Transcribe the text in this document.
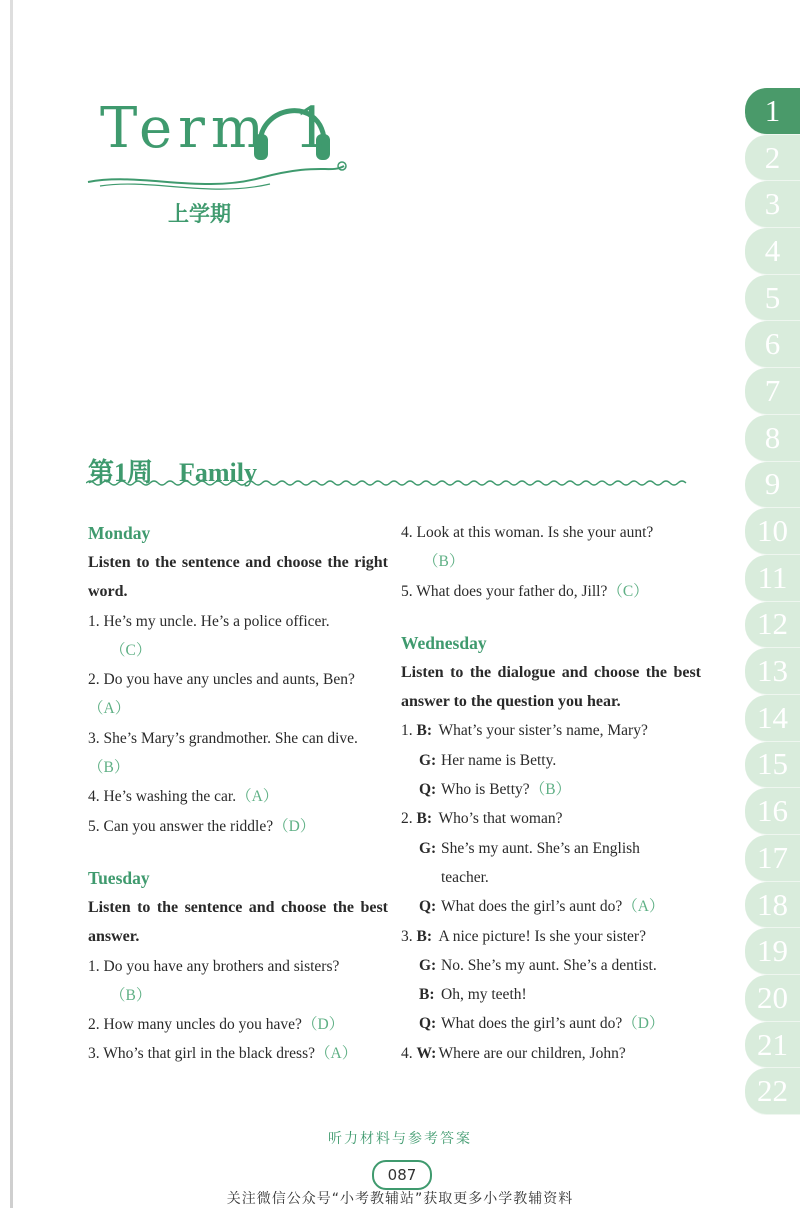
Term 1
上学期
1
2
3
4
5
6
7
8
9
10
11
12
13
14
15
16
17
18
19
20
21
22
第1周　Family
Monday
Listen to the sentence and choose the right word.
1. He’s my uncle. He’s a police officer.
（C）
2. Do you have any uncles and aunts, Ben?（A）
3. She’s Mary’s grandmother. She can dive.（B）
4. He’s washing the car.（A）
5. Can you answer the riddle?（D）
Tuesday
Listen to the sentence and choose the best answer.
1. Do you have any brothers and sisters?
（B）
2. How many uncles do you have?（D）
3. Who’s that girl in the black dress?（A）
4. Look at this woman. Is she your aunt?
（B）
5. What does your father do, Jill?（C）
Wednesday
Listen to the dialogue and choose the best answer to the question you hear.
1. B: What’s your sister’s name, Mary?
G: Her name is Betty.
Q: Who is Betty?（B）
2. B: Who’s that woman?
G: She’s my aunt. She’s an English teacher.
Q: What does the girl’s aunt do?（A）
3. B: A nice picture! Is she your sister?
G: No. She’s my aunt. She’s a dentist.
B: Oh, my teeth!
Q: What does the girl’s aunt do?（D）
4. W: Where are our children, John?
听力材料与参考答案
087
关注微信公众号“小考教辅站”获取更多小学教辅资料
